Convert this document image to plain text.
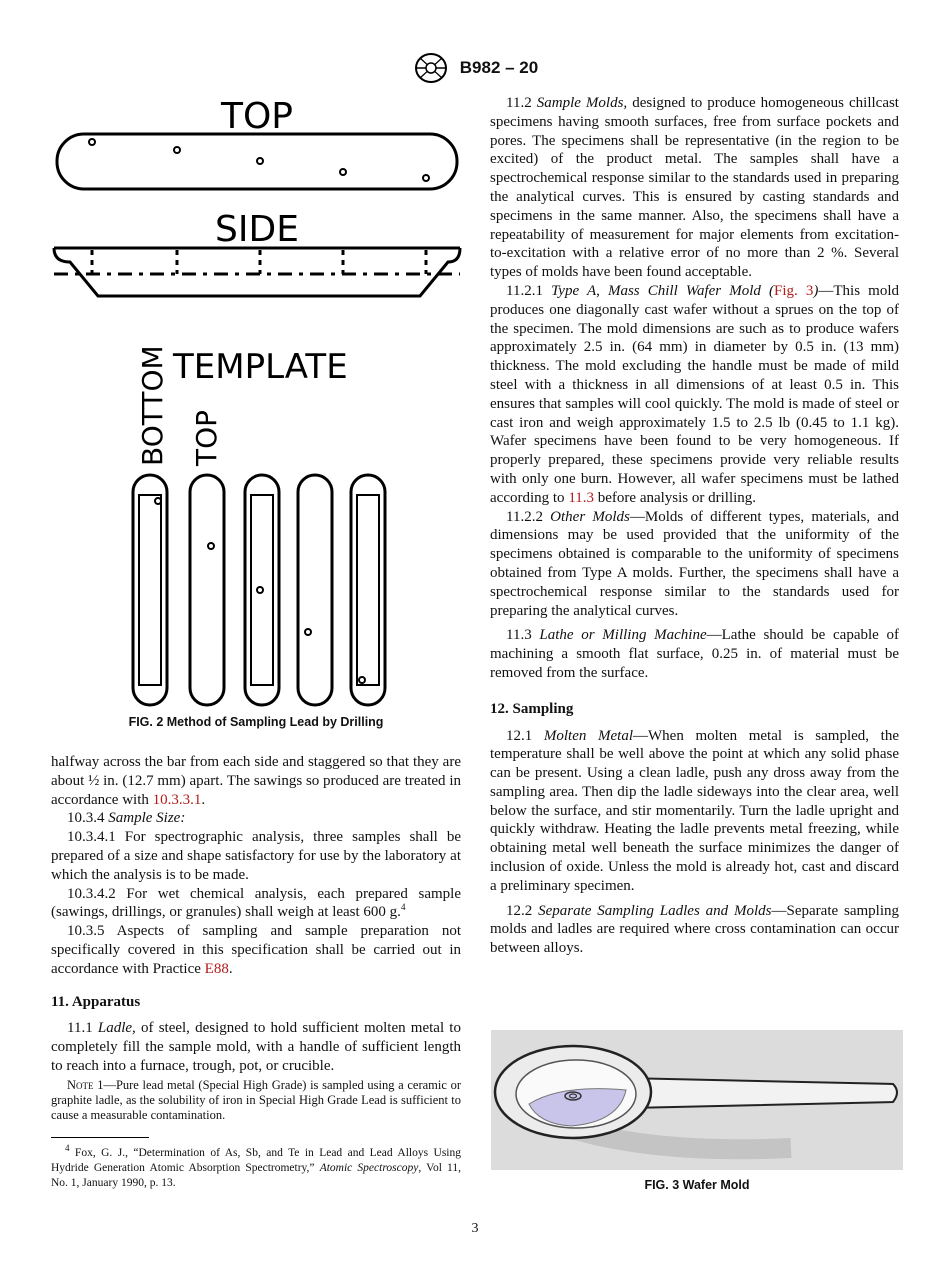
B982 – 20
TOP
SIDE
TEMPLATE
BOTTOM TOP
FIG. 2 Method of Sampling Lead by Drilling

halfway across the bar from each side and staggered so that they are about ½ in. (12.7 mm) apart. The sawings so produced are treated in accordance with 10.3.3.1.

10.3.4 Sample Size:

10.3.4.1 For spectrographic analysis, three samples shall be prepared of a size and shape satisfactory for use by the laboratory at which the analysis is to be made.

10.3.4.2 For wet chemical analysis, each prepared sample (sawings, drillings, or granules) shall weigh at least 600 g.$^4$

10.3.5 Aspects of sampling and sample preparation not specifically covered in this specification shall be carried out in accordance with Practice E88.

11. Apparatus

11.1 Ladle, of steel, designed to hold sufficient molten metal to completely fill the sample mold, with a handle of sufficient length to reach into a furnace, trough, pot, or crucible.

Note 1—Pure lead metal (Special High Grade) is sampled using a ceramic or graphite ladle, as the solubility of iron in Special High Grade Lead is sufficient to cause a measurable contamination.

$^4$ Fox, G. J., “Determination of As, Sb, and Te in Lead and Lead Alloys Using Hydride Generation Atomic Absorption Spectrometry,” Atomic Spectroscopy, Vol 11, No. 1, January 1990, p. 13.

11.2 Sample Molds, designed to produce homogeneous chillcast specimens having smooth surfaces, free from surface pockets and pores. The specimens shall be representative (in the region to be excited) of the product metal. The samples shall have a spectrochemical response similar to the standards used in preparing the analytical curves. This is ensured by casting standards and specimens in the same manner. Also, the specimens shall have a repeatability of measurement for major elements from excitation-to-excitation with a relative error of no more than 2 %. Several types of molds have been found acceptable.

11.2.1 Type A, Mass Chill Wafer Mold (Fig. 3)—This mold produces one diagonally cast wafer without a sprues on the top of the specimen. The mold dimensions are such as to produce wafers approximately 2.5 in. (64 mm) in diameter by 0.5 in. (13 mm) thickness. The mold excluding the handle must be made of mild steel with a thickness in all dimensions of at least 0.5 in. This ensures that samples will cool quickly. The mold is made of steel or cast iron and weigh approximately 1.5 to 2.5 lb (0.45 to 1.1 kg). Wafer specimens have been found to be very homogeneous. If properly prepared, these specimens provide very reliable results with only one burn. However, all wafer specimens must be lathed according to 11.3 before analysis or drilling.

11.2.2 Other Molds—Molds of different types, materials, and dimensions may be used provided that the uniformity of the specimens obtained is comparable to the uniformity of specimens obtained from Type A molds. Further, the specimens shall have a spectrochemical response similar to the standards used for preparing the analytical curves.

11.3 Lathe or Milling Machine—Lathe should be capable of machining a smooth flat surface, 0.25 in. of material must be removed from the surface.

12. Sampling

12.1 Molten Metal—When molten metal is sampled, the temperature shall be well above the point at which any solid phase can be present. Using a clean ladle, push any dross away from the sampling area. Then dip the ladle sideways into the clear area, well below the surface, and stir momentarily. Turn the ladle upright and quickly withdraw. Heating the ladle prevents metal freezing, while obtaining metal well beneath the surface minimizes the danger of inclusion of oxide. Unless the mold is already hot, cast and discard a preliminary specimen.

12.2 Separate Sampling Ladles and Molds—Separate sampling molds and ladles are required where cross contamination can occur between alloys.

FIG. 3 Wafer Mold
3
